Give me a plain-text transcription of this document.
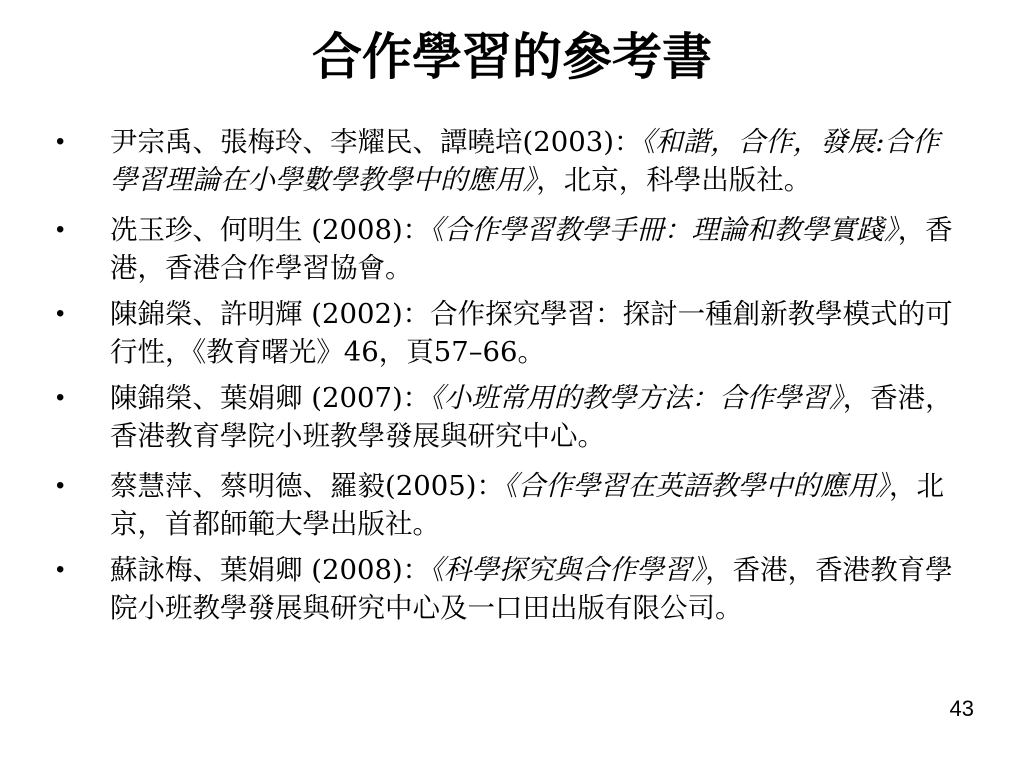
合作學習的參考書
• 尹宗禹、張梅玲、李耀民、譚曉培(2003)：《和諧，合作，發展:合作學習理論在小學數學教學中的應用》，北京，科學出版社。
• 冼玉珍、何明生 (2008)：《合作學習教學手冊：理論和教學實踐》，香港，香港合作學習協會。
• 陳錦榮、許明輝 (2002)：合作探究學習：探討一種創新教學模式的可行性，《教育曙光》46，頁57–66。
• 陳錦榮、葉娟卿 (2007)：《小班常用的教學方法：合作學習》，香港，香港教育學院小班教學發展與研究中心。
• 蔡慧萍、蔡明德、羅毅(2005)：《合作學習在英語教學中的應用》，北京，首都師範大學出版社。
• 蘇詠梅、葉娟卿 (2008)：《科學探究與合作學習》，香港，香港教育學院小班教學發展與研究中心及一口田出版有限公司。
43
